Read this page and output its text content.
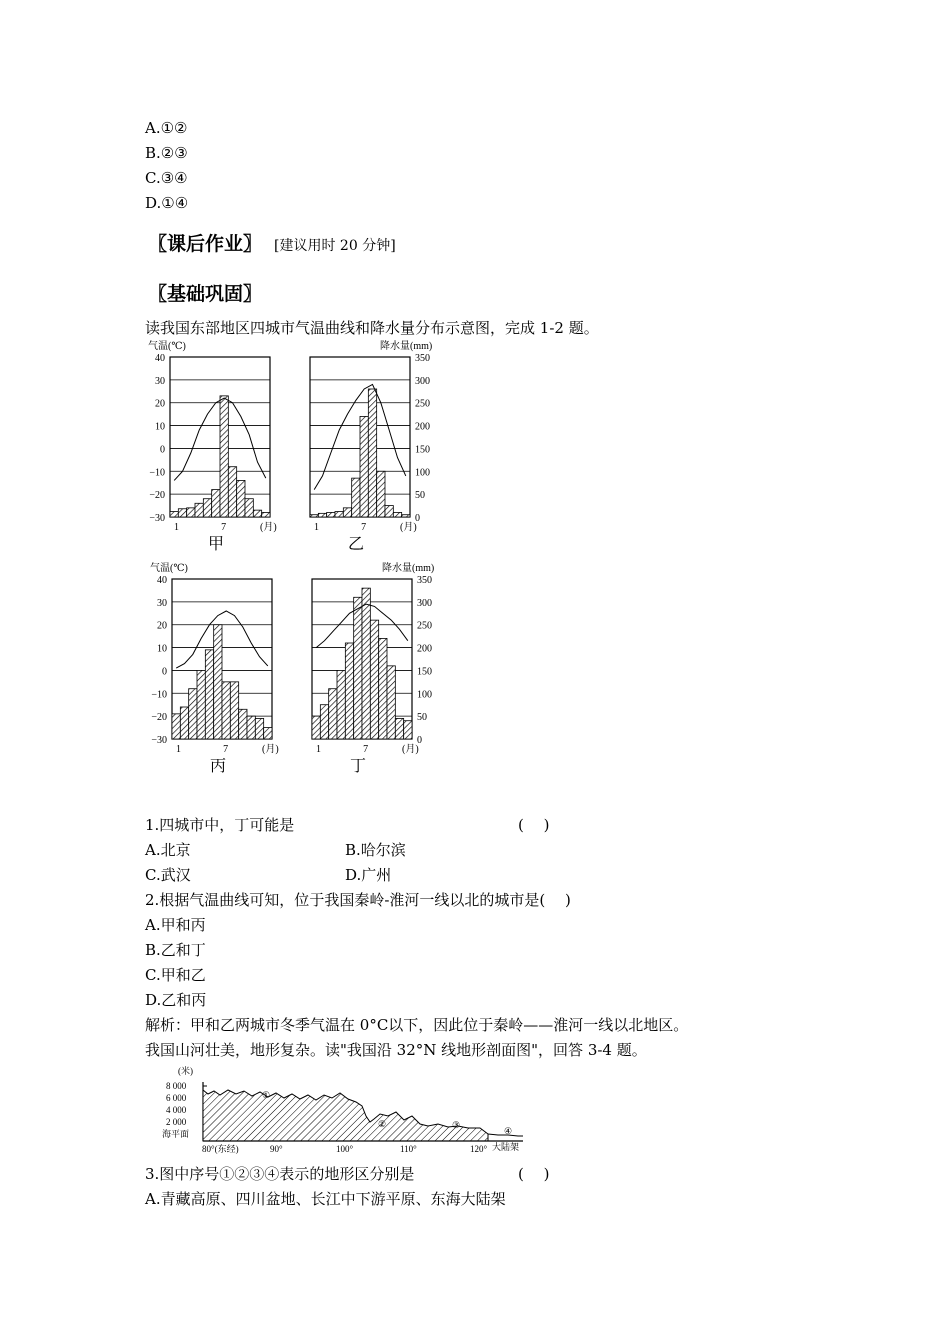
A.①②
B.②③
C.③④
D.①④
〖课后作业〗 [建议用时 20 分钟]
〖基础巩固〗
读我国东部地区四城市气温曲线和降水量分布示意图，完成 1-2 题。
40
30
20
10
0
−10
−20
−30
气温(℃)
1	7	(月)
甲
350
300
250
200
150
100
50
0
降水量(mm)
1	7	(月)
乙
40
30
20
10
0
−10
−20
−30
气温(℃)
1	7	(月)
丙
350
300
250
200
150
100
50
0
降水量(mm)
1	7	(月)
丁
1.四城市中，丁可能是	(　 )
A.北京	B.哈尔滨
C.武汉	D.广州
2.根据气温曲线可知，位于我国秦岭-淮河一线以北的城市是(　 )
A.甲和丙
B.乙和丁
C.甲和乙
D.乙和丙
解析：甲和乙两城市冬季气温在 0°C以下，因此位于秦岭——淮河一线以北地区。
我国山河壮美，地形复杂。读"我国沿 32°N 线地形剖面图"，回答 3-4 题。
(米)
8 000
6 000
4 000
2 000
海平面
①
②	③
④
80°(东经)	90°	100°	110°	120° 大陆架
3.图中序号①②③④表示的地形区分别是	(　 )
A.青藏高原、四川盆地、长江中下游平原、东海大陆架
